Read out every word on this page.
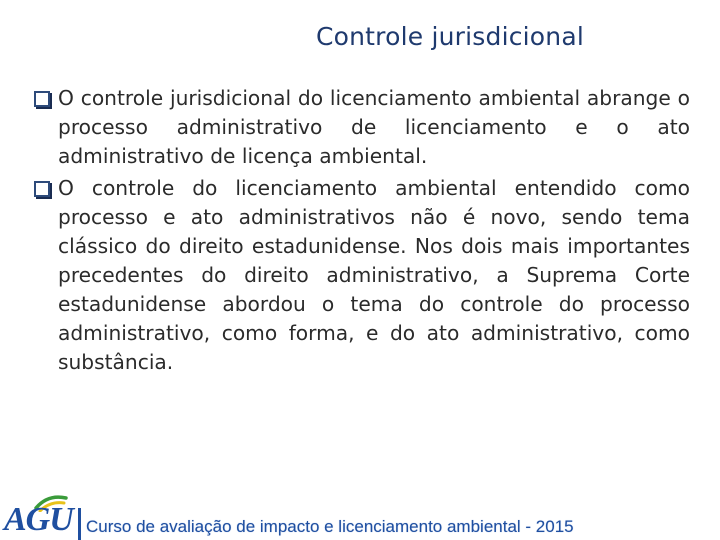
Controle jurisdicional

O controle jurisdicional do licenciamento ambiental abrange o processo administrativo de licenciamento e o ato administrativo de licença ambiental.

O controle do licenciamento ambiental entendido como processo e ato administrativos não é novo, sendo tema clássico do direito estadunidense. Nos dois mais importantes precedentes do direito administrativo, a Suprema Corte estadunidense abordou o tema do controle do processo administrativo, como forma, e do ato administrativo, como substância.

AGU Curso de avaliação de impacto e licenciamento ambiental - 2015
